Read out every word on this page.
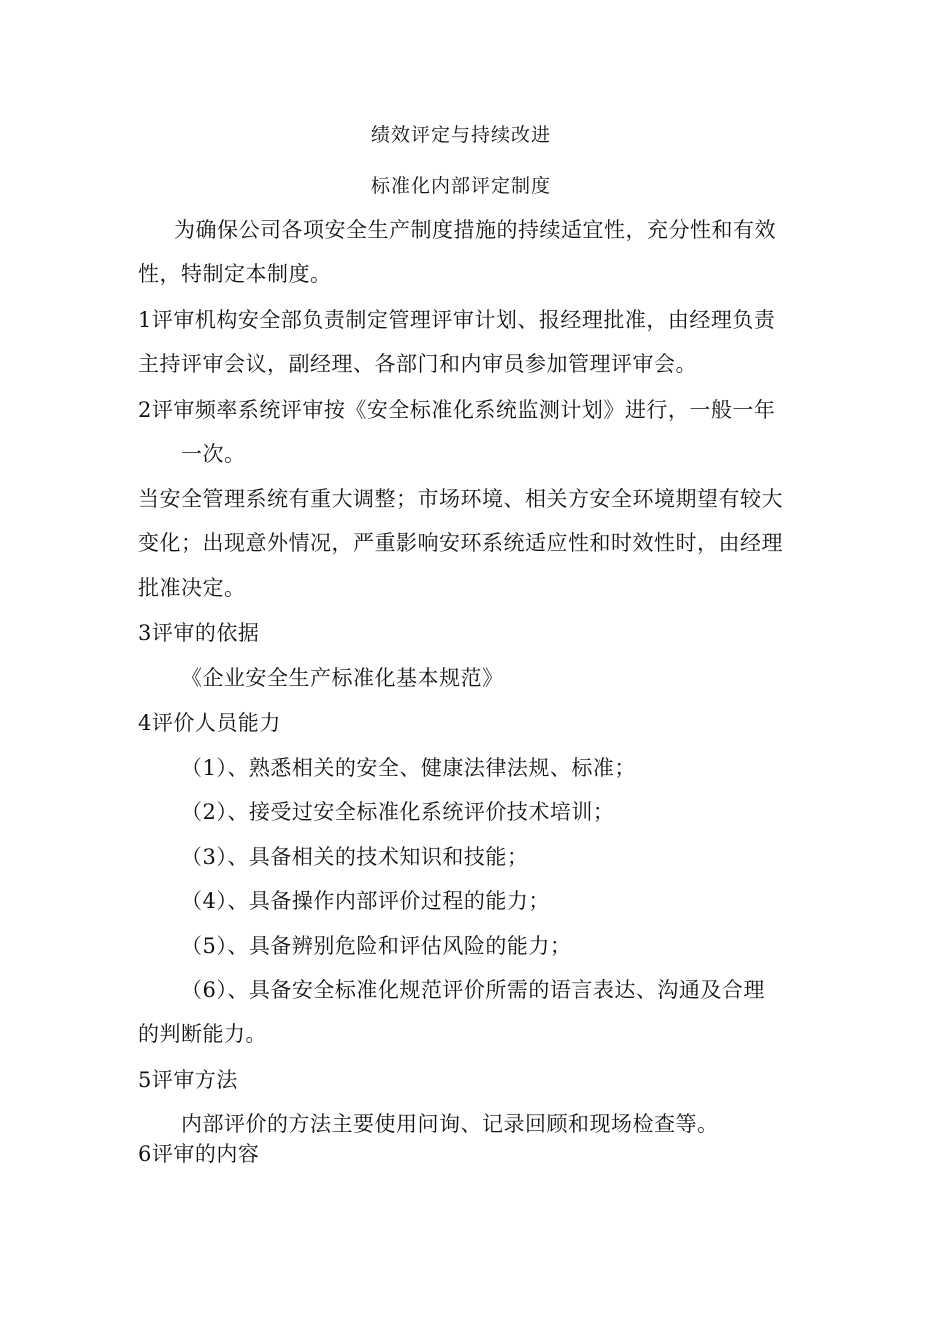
绩效评定与持续改进
标准化内部评定制度
为确保公司各项安全生产制度措施的持续适宜性，充分性和有效
性，特制定本制度。
1评审机构安全部负责制定管理评审计划、报经理批准，由经理负责
主持评审会议，副经理、各部门和内审员参加管理评审会。
2评审频率系统评审按《安全标准化系统监测计划》进行，一般一年
一次。
当安全管理系统有重大调整；市场环境、相关方安全环境期望有较大
变化；出现意外情况，严重影响安环系统适应性和时效性时，由经理
批准决定。
3评审的依据
《企业安全生产标准化基本规范》
4评价人员能力
（1）、熟悉相关的安全、健康法律法规、标准；
（2）、接受过安全标准化系统评价技术培训；
（3）、具备相关的技术知识和技能；
（4）、具备操作内部评价过程的能力；
（5）、具备辨别危险和评估风险的能力；
（6）、具备安全标准化规范评价所需的语言表达、沟通及合理
的判断能力。
5评审方法
内部评价的方法主要使用问询、记录回顾和现场检查等。
6评审的内容
